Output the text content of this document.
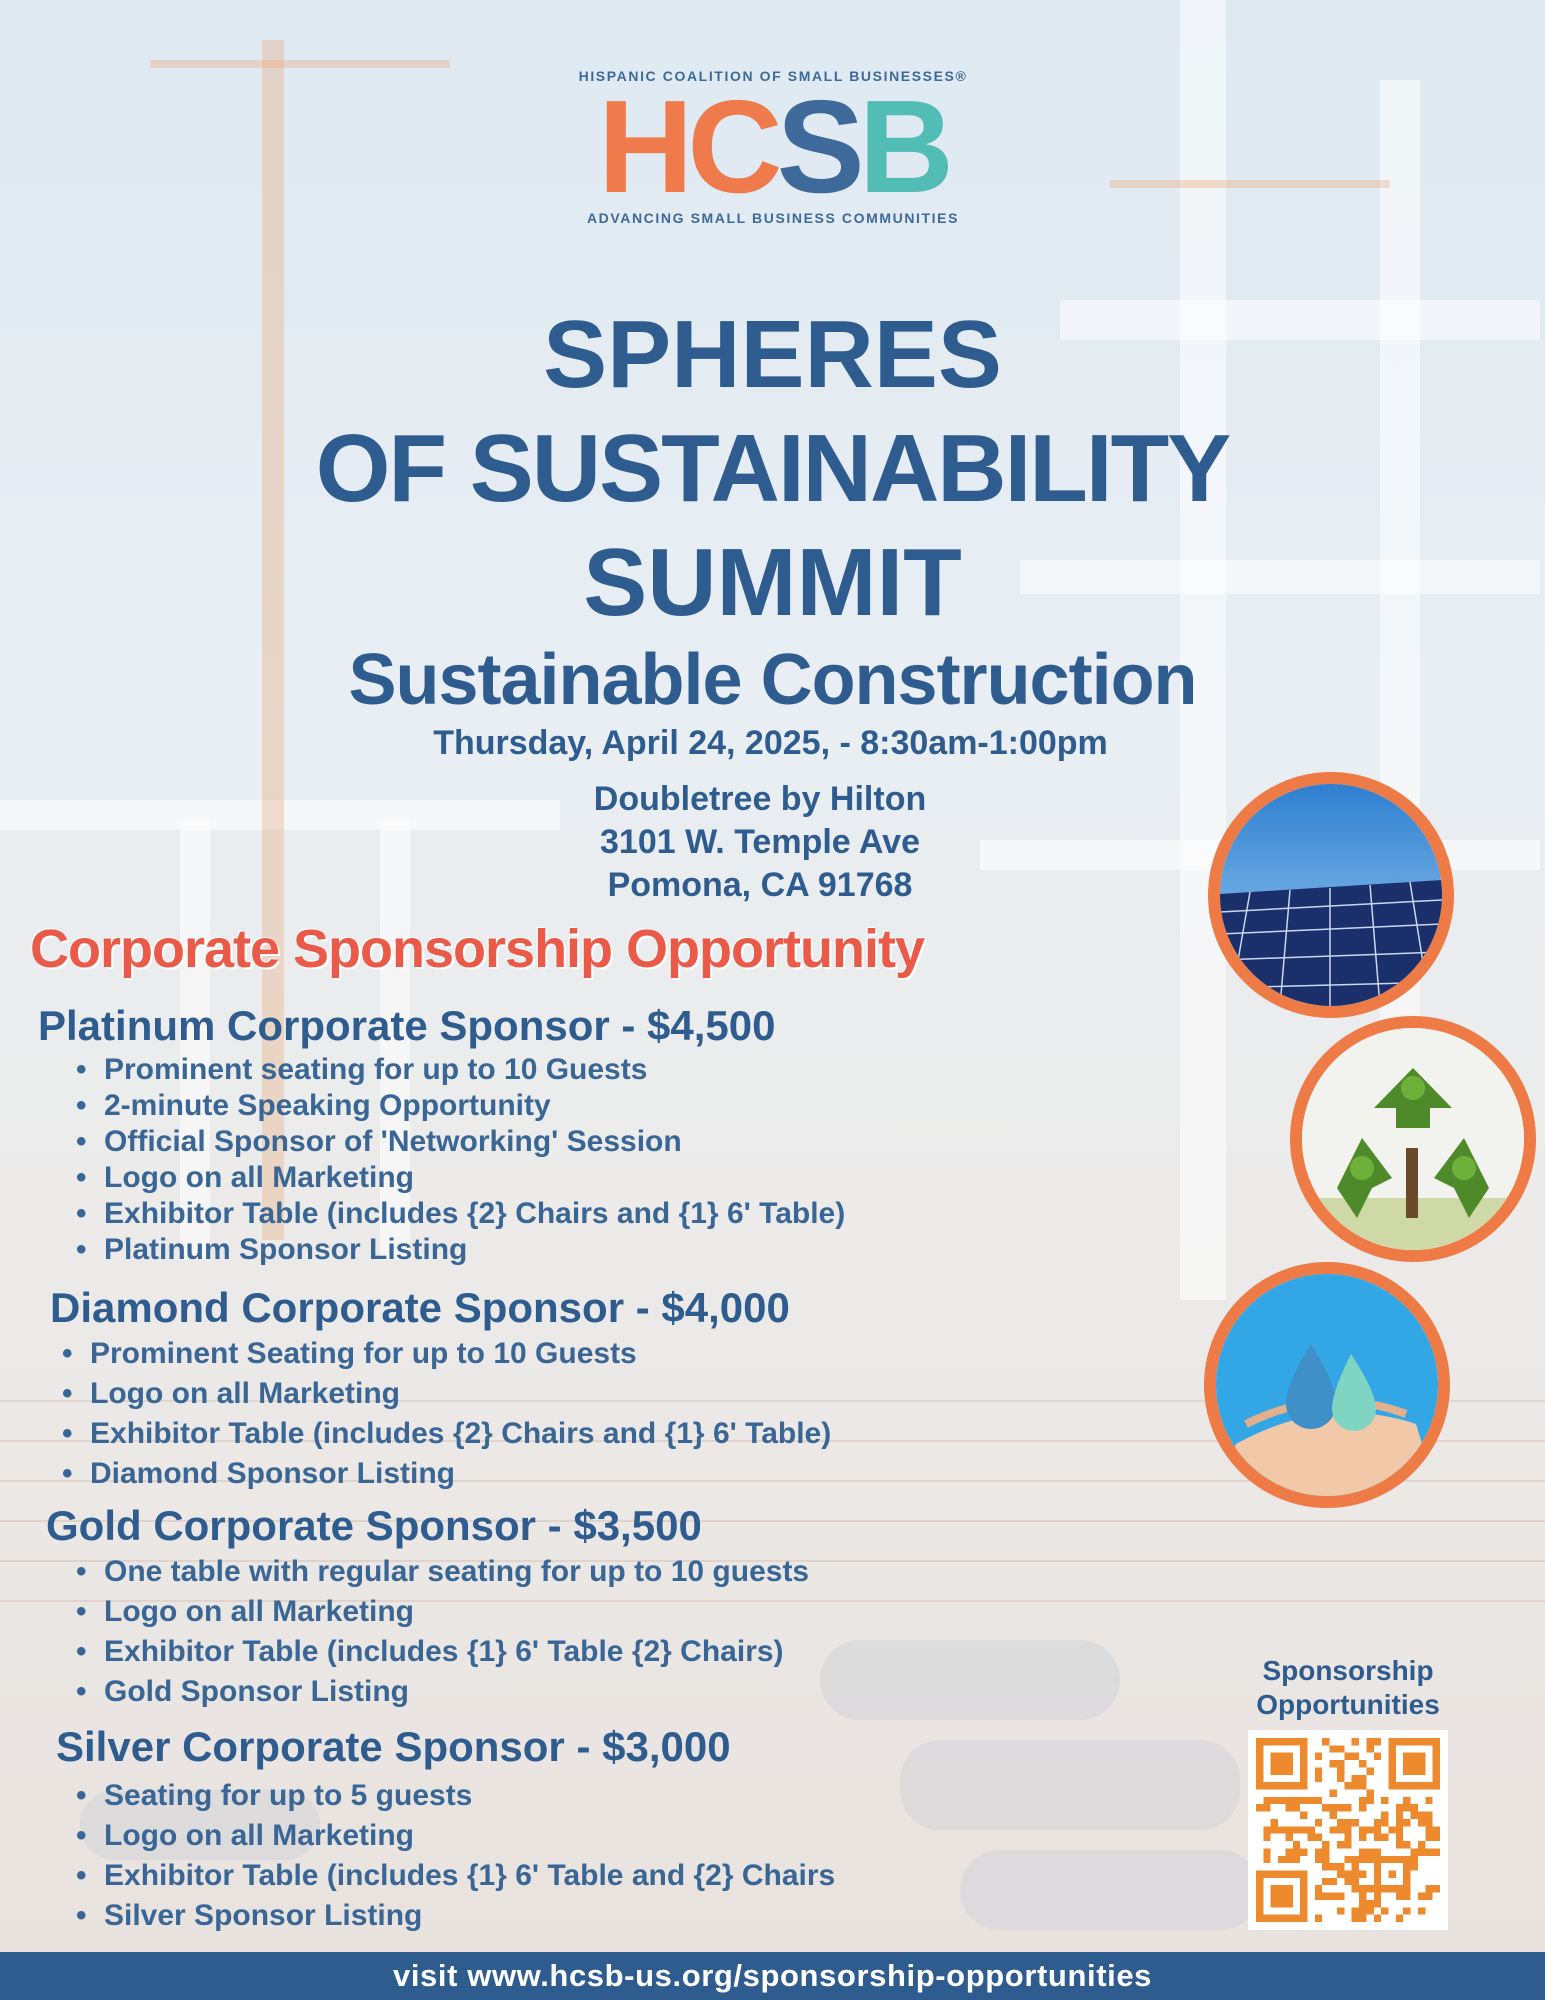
HISPANIC COALITION OF SMALL BUSINESSES®
HCSB
ADVANCING SMALL BUSINESS COMMUNITIES
SPHERES
OF SUSTAINABILITY
SUMMIT
Sustainable Construction
Thursday, April 24, 2025, - 8:30am-1:00pm
Doubletree by Hilton
3101 W. Temple Ave
Pomona, CA 91768
Corporate Sponsorship Opportunity
Platinum Corporate Sponsor - $4,500
• Prominent seating for up to 10 Guests
• 2-minute Speaking Opportunity
• Official Sponsor of 'Networking' Session
• Logo on all Marketing
• Exhibitor Table (includes {2} Chairs and {1} 6' Table)
• Platinum Sponsor Listing
Diamond Corporate Sponsor - $4,000
• Prominent Seating for up to 10 Guests
• Logo on all Marketing
• Exhibitor Table (includes {2} Chairs and {1} 6' Table)
• Diamond Sponsor Listing
Gold Corporate Sponsor - $3,500
• One table with regular seating for up to 10 guests
• Logo on all Marketing
• Exhibitor Table (includes {1} 6' Table {2} Chairs)
• Gold Sponsor Listing
Silver Corporate Sponsor - $3,000
• Seating for up to 5 guests
• Logo on all Marketing
• Exhibitor Table (includes {1} 6' Table and {2} Chairs
• Silver Sponsor Listing
Sponsorship
Opportunities
visit www.hcsb-us.org/sponsorship-opportunities
